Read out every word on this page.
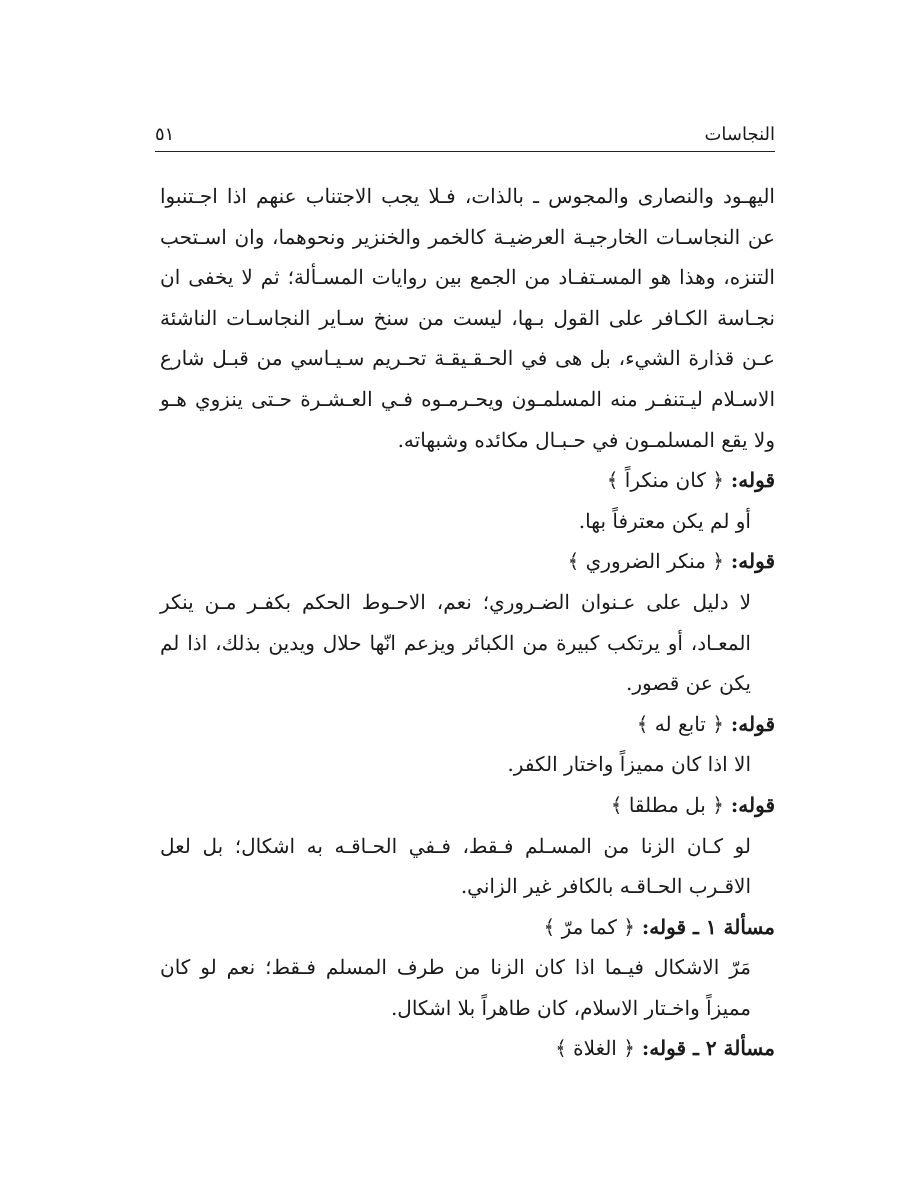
النجاسات
٥١

اليهـود والنصارى والمجوس ـ بالذات، فـلا يجب الاجتناب عنهم اذا اجـتنبوا عن النجاسـات الخارجيـة العرضيـة كالخمر والخنزير ونحوهما، وان اسـتحب التنزه، وهذا هو المسـتفـاد من الجمع بين روايات المسـألة؛ ثم لا يخفى ان نجـاسة الكـافر على القول بـها، ليست من سنخ سـاير النجاسـات الناشئة عـن قذارة الشيء، بل هى في الحـقـيقـة تحـريم سـيـاسي من قبـل شارع الاسـلام ليـتنفـر منه المسلمـون ويحـرمـوه فـي العـشـرة حـتى ينزوي هـو ولا يقع المسلمـون في حـبـال مكائده وشبهاته.

قوله: ﴿ كان منكراً ﴾

أو لم يكن معترفاً بها.

قوله: ﴿ منكر الضروري ﴾

لا دليل على عـنوان الضـروري؛ نعم، الاحـوط الحكم بكفـر مـن ينكر المعـاد، أو يرتكب كبيرة من الكبائر ويزعم انّها حلال ويدين بذلك، اذا لم يكن عن قصور.

قوله: ﴿ تابع له ﴾

الا اذا كان مميزاً واختار الكفر.

قوله: ﴿ بل مطلقا ﴾

لو كـان الزنا من المسـلم فـقط، فـفي الحـاقـه به اشكال؛ بل لعل الاقـرب الحـاقـه بالكافر غير الزاني.

مسألة ١ ـ قوله: ﴿ كما مرّ ﴾

مَرّ الاشكال فيـما اذا كان الزنا من طرف المسلم فـقط؛ نعم لو كان مميزاً واخـتار الاسلام، كان طاهراً بلا اشكال.

مسألة ٢ ـ قوله: ﴿ الغلاة ﴾
